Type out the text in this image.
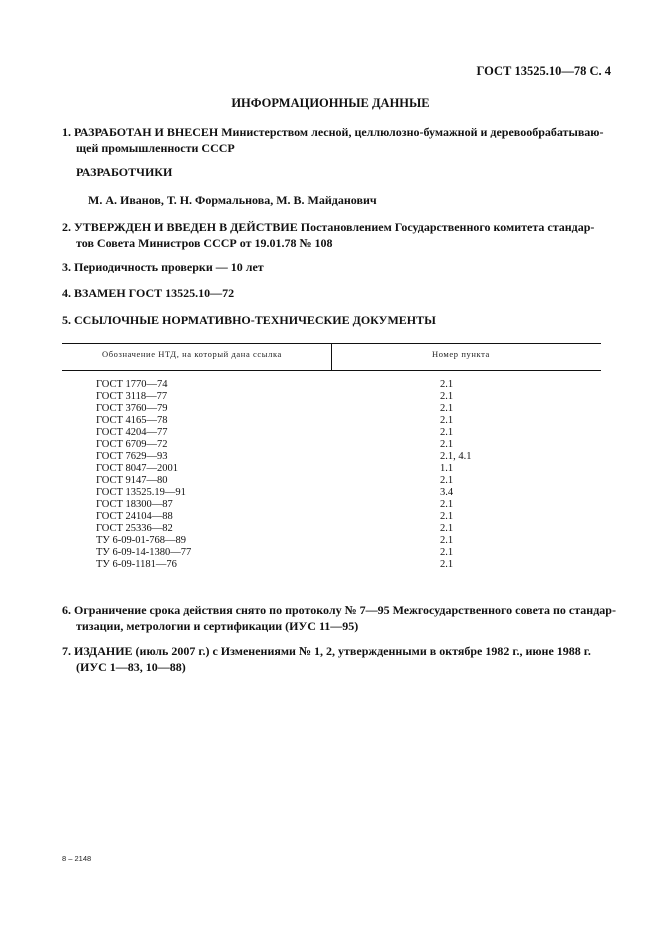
ГОСТ 13525.10—78 С. 4
ИНФОРМАЦИОННЫЕ ДАННЫЕ
1. РАЗРАБОТАН И ВНЕСЕН Министерством лесной, целлюлозно-бумажной и деревообрабатываю-
щей промышленности СССР
РАЗРАБОТЧИКИ
М. А. Иванов, Т. Н. Формальнова, М. В. Майданович
2. УТВЕРЖДЕН И ВВЕДЕН В ДЕЙСТВИЕ Постановлением Государственного комитета стандар-
тов Совета Министров СССР от 19.01.78 № 108
3. Периодичность проверки — 10 лет
4. ВЗАМЕН ГОСТ 13525.10—72
5. ССЫЛОЧНЫЕ НОРМАТИВНО-ТЕХНИЧЕСКИЕ ДОКУМЕНТЫ
Обозначение НТД, на который дана ссылка	Номер пункта
ГОСТ 1770—74	2.1
ГОСТ 3118—77	2.1
ГОСТ 3760—79	2.1
ГОСТ 4165—78	2.1
ГОСТ 4204—77	2.1
ГОСТ 6709—72	2.1
ГОСТ 7629—93	2.1, 4.1
ГОСТ 8047—2001	1.1
ГОСТ 9147—80	2.1
ГОСТ 13525.19—91	3.4
ГОСТ 18300—87	2.1
ГОСТ 24104—88	2.1
ГОСТ 25336—82	2.1
ТУ 6-09-01-768—89	2.1
ТУ 6-09-14-1380—77	2.1
ТУ 6-09-1181—76	2.1
6. Ограничение срока действия снято по протоколу № 7—95 Межгосударственного совета по стандар-
тизации, метрологии и сертификации (ИУС 11—95)
7. ИЗДАНИЕ (июль 2007 г.) с Изменениями № 1, 2, утвержденными в октябре 1982 г., июне 1988 г.
(ИУС 1—83, 10—88)
8 – 2148
